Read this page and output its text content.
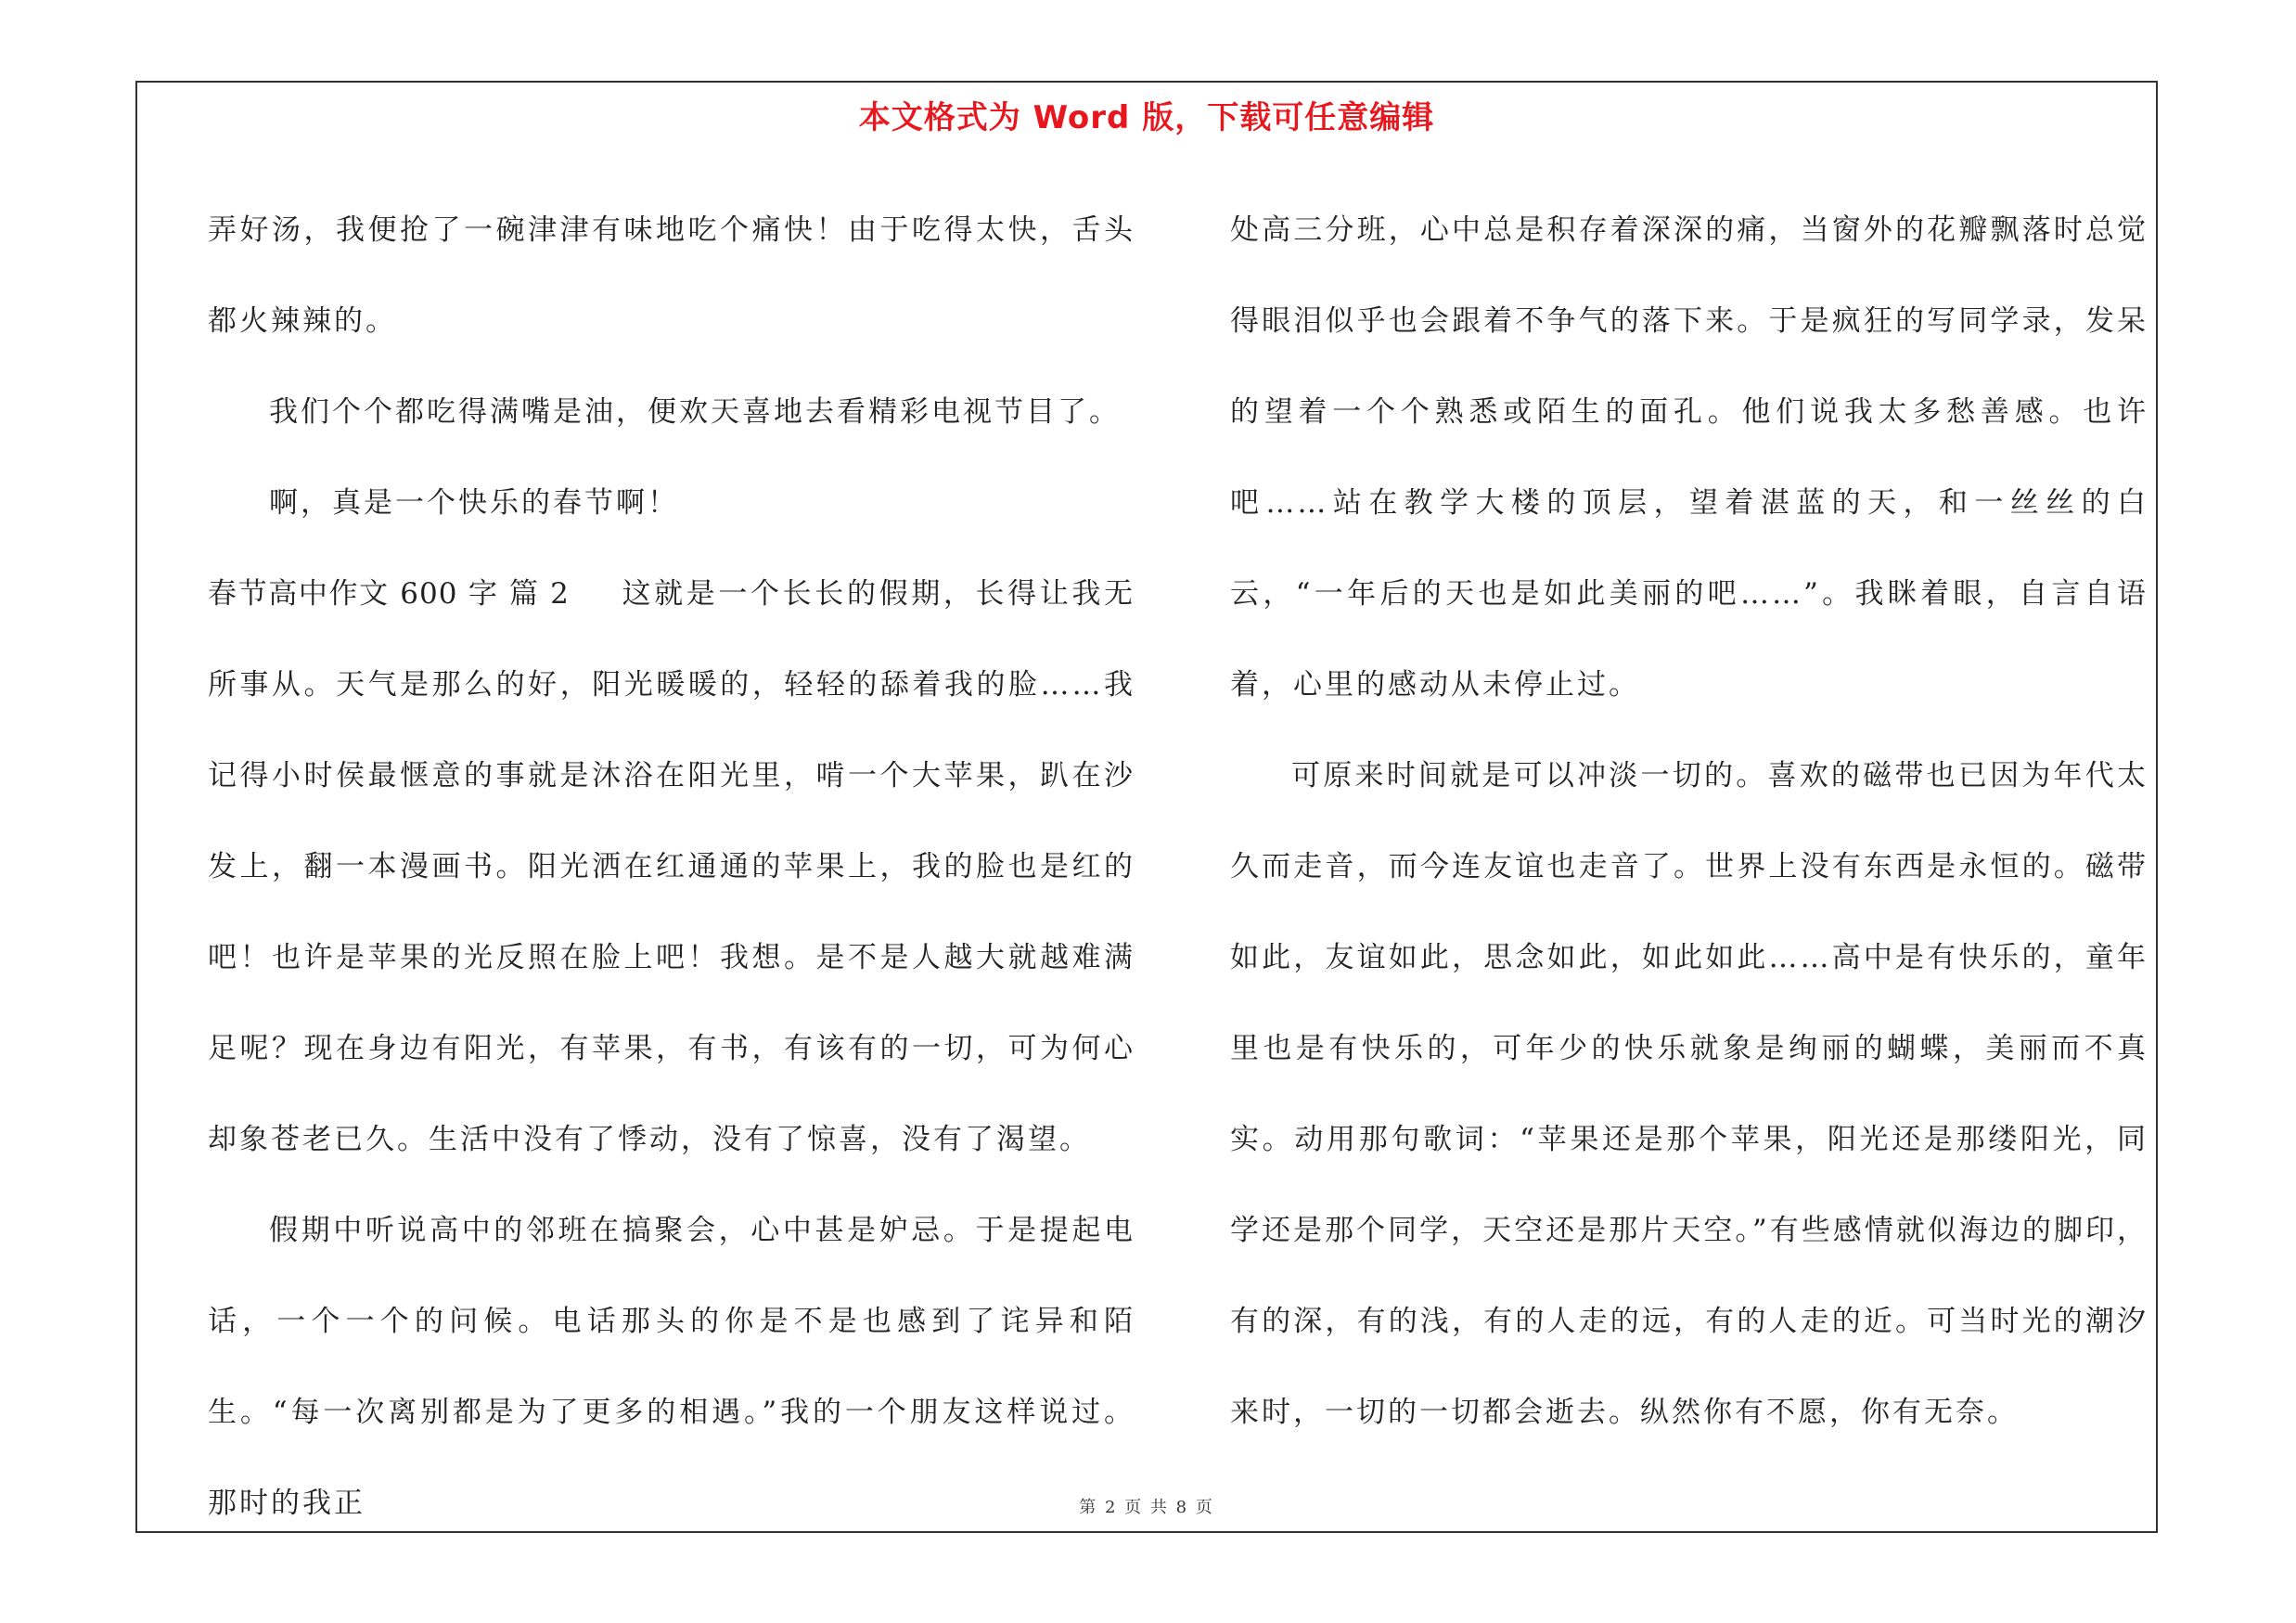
本文格式为 Word 版，下载可任意编辑

弄好汤，我便抢了一碗津津有味地吃个痛快！由于吃得太快，舌头都火辣辣的。

我们个个都吃得满嘴是油，便欢天喜地去看精彩电视节目了。

啊，真是一个快乐的春节啊！

春节高中作文 600 字 篇 2 这就是一个长长的假期，长得让我无所事从。天气是那么的好，阳光暖暖的，轻轻的舔着我的脸……我记得小时侯最惬意的事就是沐浴在阳光里，啃一个大苹果，趴在沙发上，翻一本漫画书。阳光洒在红通通的苹果上，我的脸也是红的吧！也许是苹果的光反照在脸上吧！我想。是不是人越大就越难满足呢？现在身边有阳光，有苹果，有书，有该有的一切，可为何心却象苍老已久。生活中没有了悸动，没有了惊喜，没有了渴望。

假期中听说高中的邻班在搞聚会，心中甚是妒忌。于是提起电话，一个一个的问候。电话那头的你是不是也感到了诧异和陌生。“每一次离别都是为了更多的相遇。”我的一个朋友这样说过。那时的我正

处高三分班，心中总是积存着深深的痛，当窗外的花瓣飘落时总觉得眼泪似乎也会跟着不争气的落下来。于是疯狂的写同学录，发呆的望着一个个熟悉或陌生的面孔。他们说我太多愁善感。也许吧……站在教学大楼的顶层，望着湛蓝的天，和一丝丝的白云，“一年后的天也是如此美丽的吧……”。我眯着眼，自言自语着，心里的感动从未停止过。

可原来时间就是可以冲淡一切的。喜欢的磁带也已因为年代太久而走音，而今连友谊也走音了。世界上没有东西是永恒的。磁带如此，友谊如此，思念如此，如此如此……高中是有快乐的，童年里也是有快乐的，可年少的快乐就象是绚丽的蝴蝶，美丽而不真实。动用那句歌词：“苹果还是那个苹果，阳光还是那缕阳光，同学还是那个同学，天空还是那片天空。”有些感情就似海边的脚印，有的深，有的浅，有的人走的远，有的人走的近。可当时光的潮汐来时，一切的一切都会逝去。纵然你有不愿，你有无奈。

第 2 页 共 8 页
